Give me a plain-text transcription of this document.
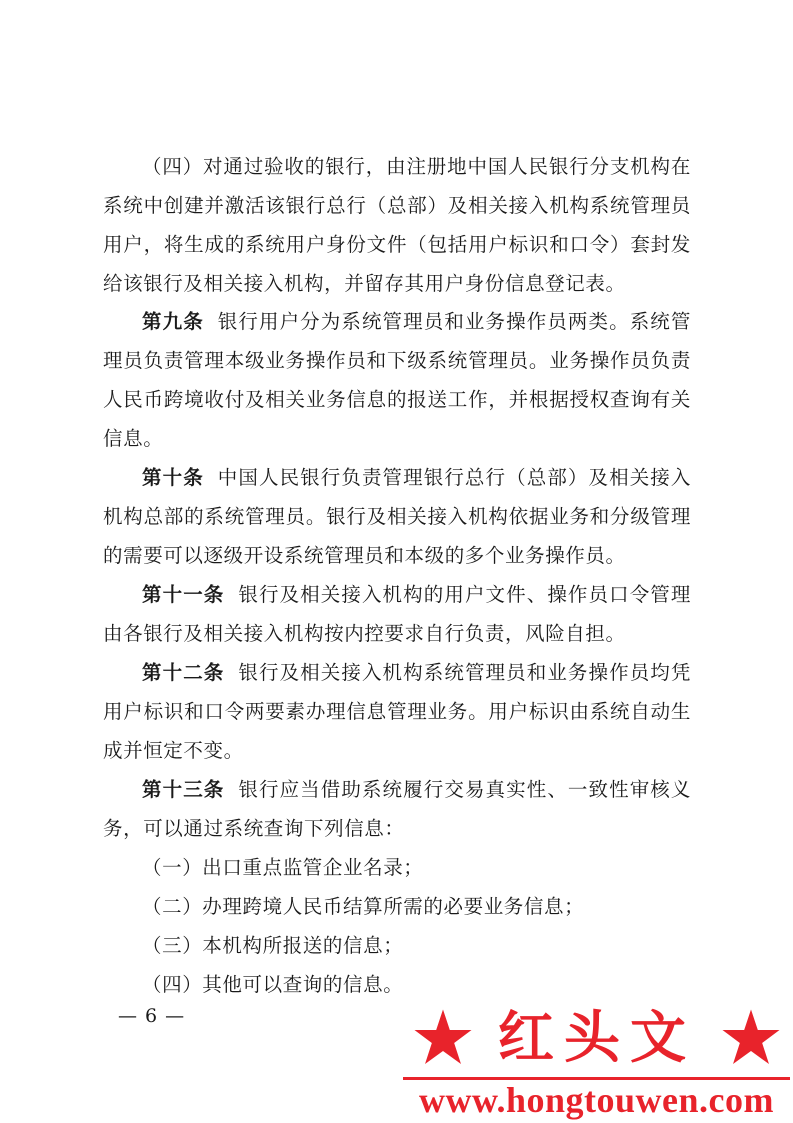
（四）对通过验收的银行，由注册地中国人民银行分支机构在系统中创建并激活该银行总行（总部）及相关接入机构系统管理员用户，将生成的系统用户身份文件（包括用户标识和口令）套封发给该银行及相关接入机构，并留存其用户身份信息登记表。

第九条 银行用户分为系统管理员和业务操作员两类。系统管理员负责管理本级业务操作员和下级系统管理员。业务操作员负责人民币跨境收付及相关业务信息的报送工作，并根据授权查询有关信息。

第十条 中国人民银行负责管理银行总行（总部）及相关接入机构总部的系统管理员。银行及相关接入机构依据业务和分级管理的需要可以逐级开设系统管理员和本级的多个业务操作员。

第十一条 银行及相关接入机构的用户文件、操作员口令管理由各银行及相关接入机构按内控要求自行负责，风险自担。

第十二条 银行及相关接入机构系统管理员和业务操作员均凭用户标识和口令两要素办理信息管理业务。用户标识由系统自动生成并恒定不变。

第十三条 银行应当借助系统履行交易真实性、一致性审核义务，可以通过系统查询下列信息：

（一）出口重点监管企业名录；

（二）办理跨境人民币结算所需的必要业务信息；

（三）本机构所报送的信息；

（四）其他可以查询的信息。

— 6 —	红头文
www.hongtouwen.com
